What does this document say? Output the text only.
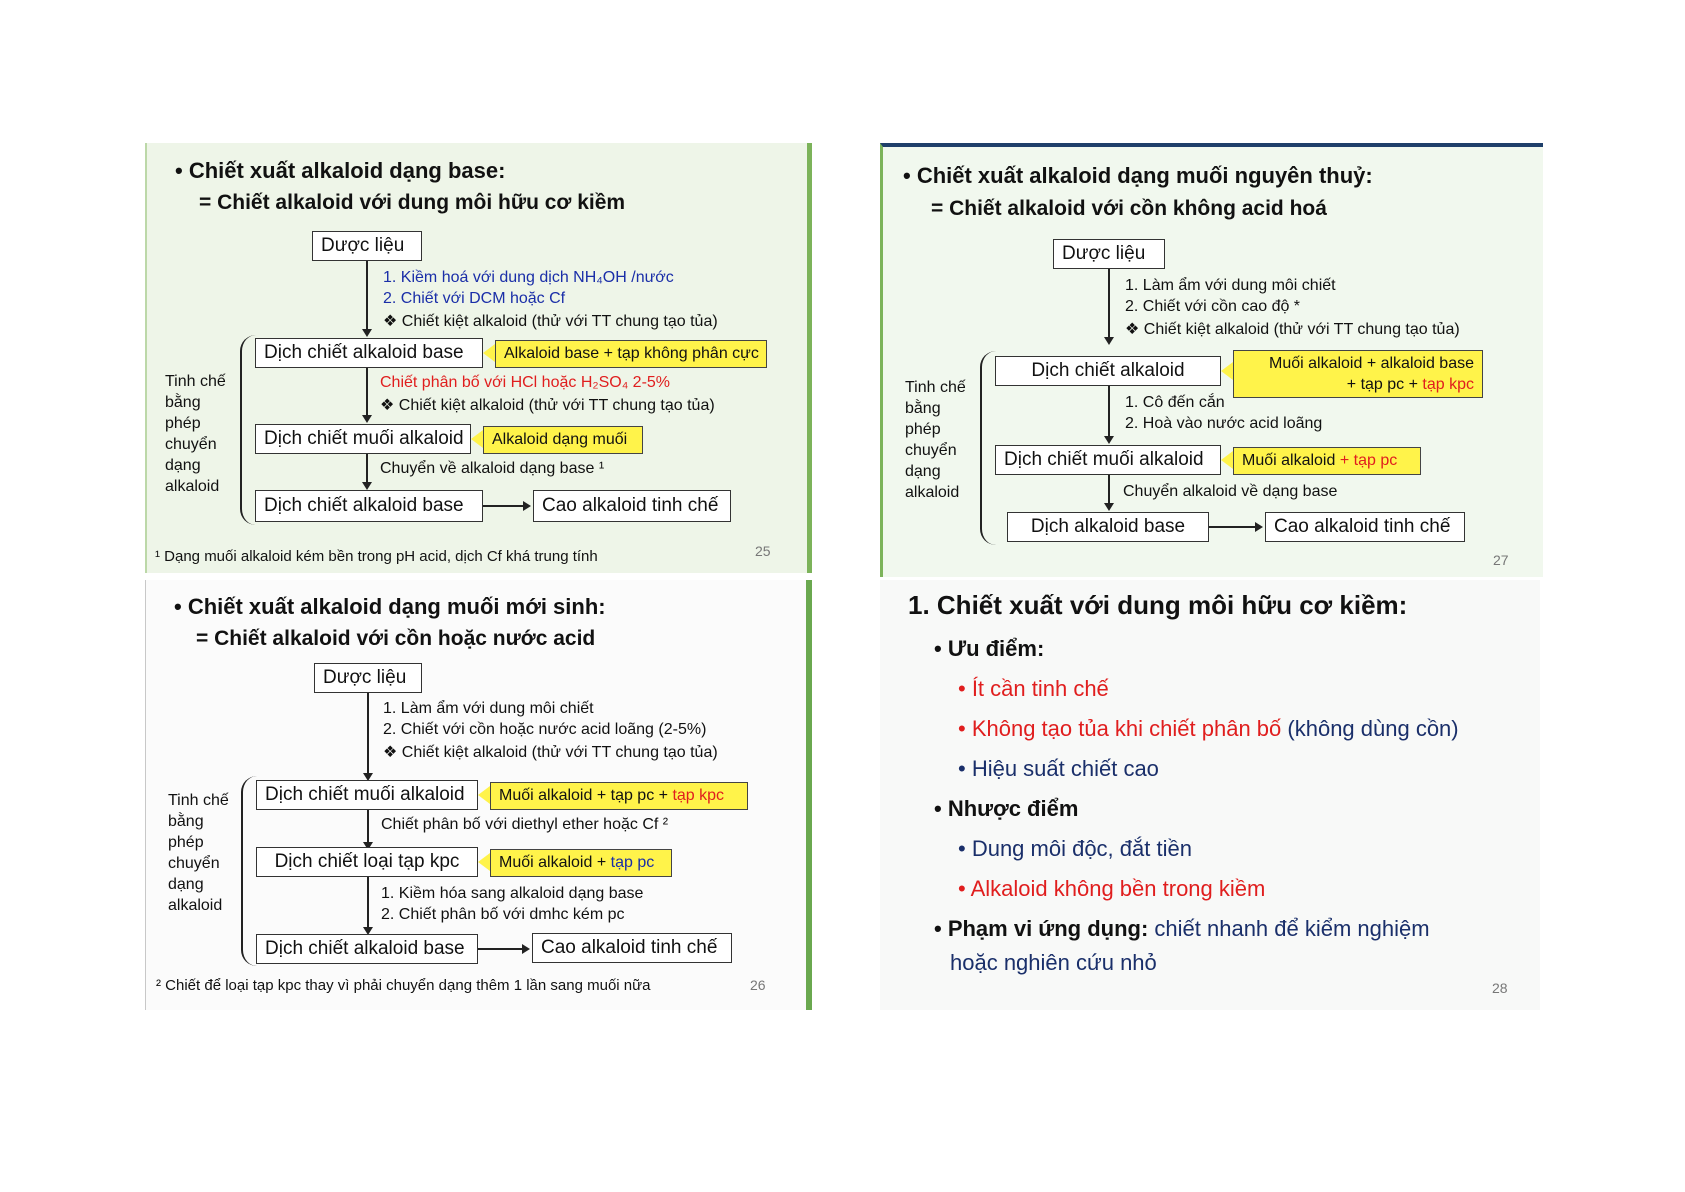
• Chiết xuất alkaloid dạng base:
= Chiết alkaloid với dung môi hữu cơ kiềm
Dược liệu
1. Kiềm hoá với dung dịch NH₄OH /nước
2. Chiết với DCM hoặc Cf
❖ Chiết kiệt alkaloid (thử với TT chung tạo tủa)
Dịch chiết alkaloid base	Alkaloid base + tạp không phân cực
Chiết phân bố với HCl hoặc H₂SO₄ 2-5%
❖ Chiết kiệt alkaloid (thử với TT chung tạo tủa)
Dịch chiết muối alkaloid	Alkaloid dạng muối
Chuyển về alkaloid dạng base ¹
Dịch chiết alkaloid base	Cao alkaloid tinh chế
Tinh chế
bằng
phép
chuyển
dạng
alkaloid
¹ Dạng muối alkaloid kém bền trong pH acid, dịch Cf khá trung tính	25
• Chiết xuất alkaloid dạng muối nguyên thuỷ:
= Chiết alkaloid với cồn không acid hoá
Dược liệu
1. Làm ẩm với dung môi chiết
2. Chiết với cồn cao độ *
❖ Chiết kiệt alkaloid (thử với TT chung tạo tủa)
Dịch chiết alkaloid	Muối alkaloid + alkaloid base
+ tạp pc + tạp kpc
1. Cô đến cắn
2. Hoà vào nước acid loãng
Dịch chiết muối alkaloid	Muối alkaloid
+ tạp pc
Chuyển alkaloid về dạng base
Dịch alkaloid base	Cao alkaloid tinh chế
Tinh chế
bằng
phép
chuyển
dạng
alkaloid
27
• Chiết xuất alkaloid dạng muối mới sinh:
= Chiết alkaloid với cồn hoặc nước acid
Dược liệu
1. Làm ẩm với dung môi chiết
2. Chiết với cồn hoặc nước acid loãng (2-5%)
❖ Chiết kiệt alkaloid (thử với TT chung tạo tủa)
Dịch chiết muối alkaloid	Muối alkaloid + tạp pc +
tạp kpc
Chiết phân bố với diethyl ether hoặc Cf ²
Dịch chiết loại tạp kpc	Muối alkaloid +
tạp pc
1. Kiềm hóa sang alkaloid dạng base
2. Chiết phân bố với dmhc kém pc
Dịch chiết alkaloid base	Cao alkaloid tinh chế
Tinh chế
bằng
phép
chuyển
dạng
alkaloid
² Chiết để loại tạp kpc thay vì phải chuyển dạng thêm 1 lần sang muối nữa	26
1. Chiết xuất với dung môi hữu cơ kiềm:
• Ưu điểm:
• Ít cần tinh chế
• Không tạo tủa khi chiết phân bố (không dùng cồn)
• Hiệu suất chiết cao
• Nhược điểm
• Dung môi độc, đắt tiền
• Alkaloid không bền trong kiềm
• Phạm vi ứng dụng: chiết nhanh để kiểm nghiệm
hoặc nghiên cứu nhỏ
28
